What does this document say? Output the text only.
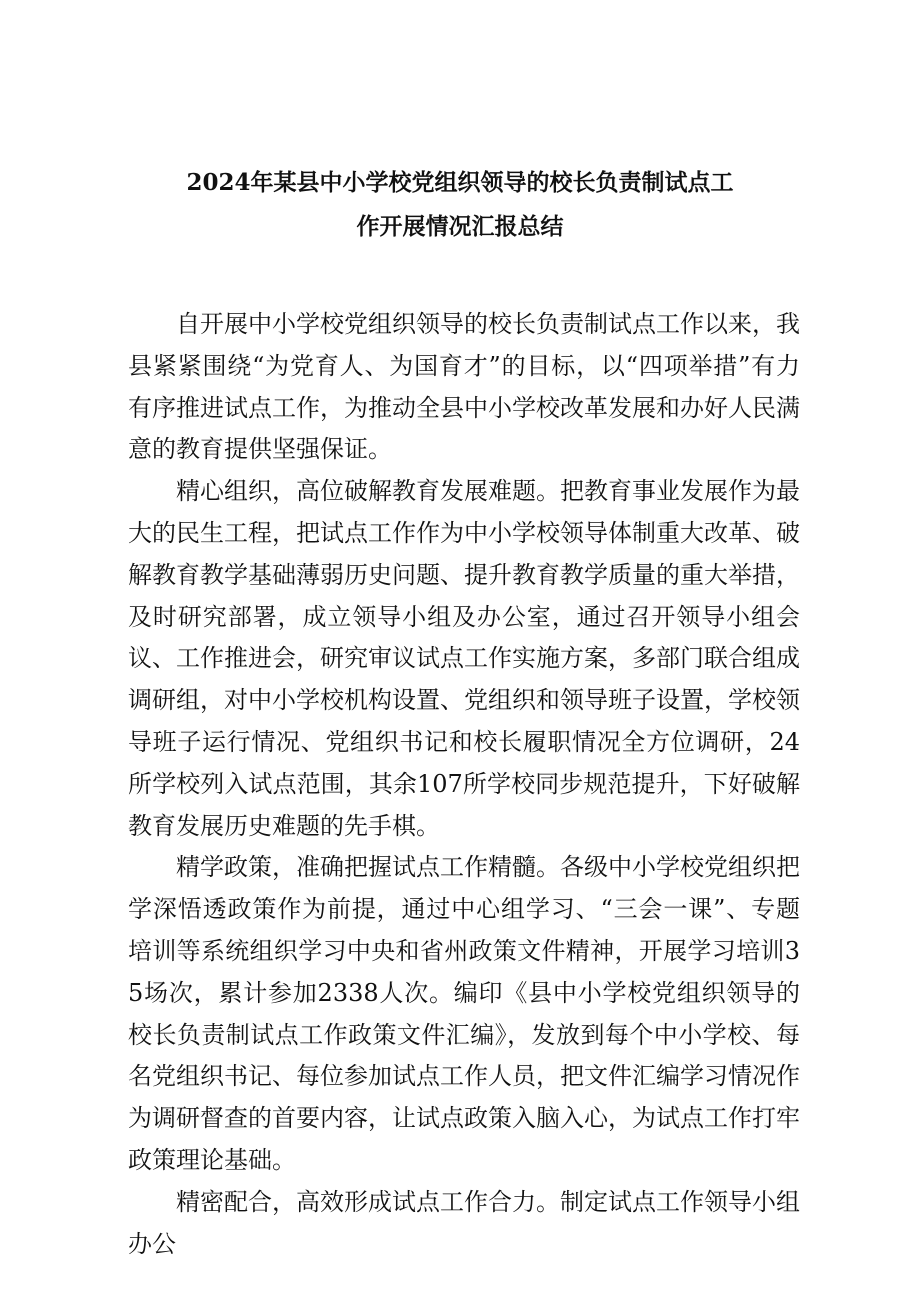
2024年某县中小学校党组织领导的校长负责制试点工
作开展情况汇报总结

自开展中小学校党组织领导的校长负责制试点工作以来，我县紧紧围绕“为党育人、为国育才”的目标，以“四项举措”有力有序推进试点工作，为推动全县中小学校改革发展和办好人民满意的教育提供坚强保证。

精心组织，高位破解教育发展难题。把教育事业发展作为最大的民生工程，把试点工作作为中小学校领导体制重大改革、破解教育教学基础薄弱历史问题、提升教育教学质量的重大举措，及时研究部署，成立领导小组及办公室，通过召开领导小组会议、工作推进会，研究审议试点工作实施方案，多部门联合组成调研组，对中小学校机构设置、党组织和领导班子设置，学校领导班子运行情况、党组织书记和校长履职情况全方位调研，24所学校列入试点范围，其余107所学校同步规范提升，下好破解教育发展历史难题的先手棋。

精学政策，准确把握试点工作精髓。各级中小学校党组织把学深悟透政策作为前提，通过中心组学习、“三会一课”、专题培训等系统组织学习中央和省州政策文件精神，开展学习培训35场次，累计参加2338人次。编印《县中小学校党组织领导的校长负责制试点工作政策文件汇编》，发放到每个中小学校、每名党组织书记、每位参加试点工作人员，把文件汇编学习情况作为调研督查的首要内容，让试点政策入脑入心，为试点工作打牢政策理论基础。

精密配合，高效形成试点工作合力。制定试点工作领导小组办公
